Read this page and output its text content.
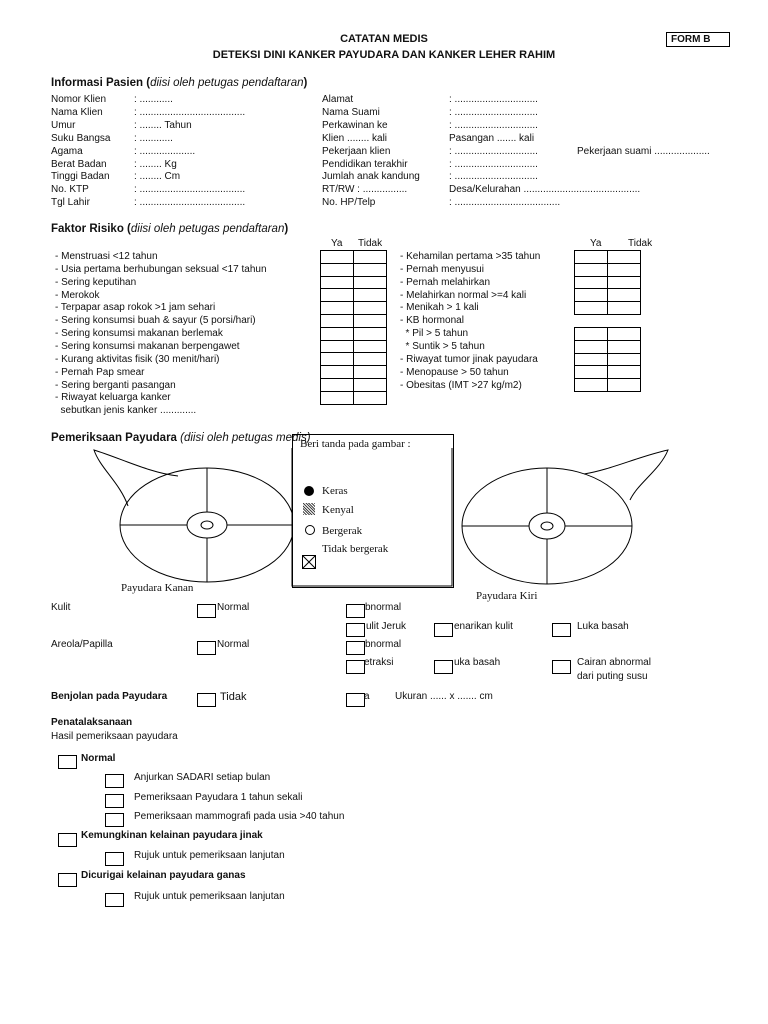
CATATAN MEDIS
DETEKSI DINI KANKER PAYUDARA DAN KANKER LEHER RAHIM
FORM B
Informasi Pasien (diisi oleh petugas pendaftaran)
Nomor Klien	: ............
Nama Klien	: ......................................
Umur	: ........ Tahun
Suku Bangsa : ............
Agama	: ....................
Berat Badan	: ........ Kg
Tinggi Badan : ........ Cm
No. KTP	: ......................................
Tgl Lahir	: ......................................
Alamat	: ..............................
Nama Suami	: ..............................
Perkawinan ke	: ..............................
Klien ........ kali	Pasangan ....... kali
Pekerjaan klien	: ..............................	Pekerjaan suami ....................
Pendidikan terakhir	: ..............................
Jumlah anak kandung	: ..............................
RT/RW : ................	Desa/Kelurahan ..........................................
No. HP/Telp	: ......................................
Faktor Risiko (diisi oleh petugas pendaftaran)
Ya Tidak	Ya	Tidak
- Menstruasi <12 tahun
- Usia pertama berhubungan seksual <17 tahun
- Sering keputihan
- Merokok
- Terpapar asap rokok >1 jam sehari
- Sering konsumsi buah & sayur (5 porsi/hari)
- Sering konsumsi makanan berlemak
- Sering konsumsi makanan berpengawet
- Kurang aktivitas fisik (30 menit/hari)
- Pernah Pap smear
- Sering berganti pasangan
- Riwayat keluarga kanker
sebutkan jenis kanker .............
- Kehamilan pertama >35 tahun
- Pernah menyusui
- Pernah melahirkan
- Melahirkan normal >=4 kali
- Menikah > 1 kali
- KB hormonal
* Pil > 5 tahun
* Suntik > 5 tahun
- Riwayat tumor jinak payudara
- Menopause > 50 tahun
- Obesitas (IMT >27 kg/m2)

Pemeriksaan Payudara (diisi oleh petugas medis)
Beri tanda pada gambar :
Keras
Kenyal
Bergerak
Tidak bergerak
Payudara Kanan
Payudara Kiri
Kulit	Normal	bnormal
ulit Jeruk	enarikan kulit	Luka basah
Areola/Papilla	Normal	bnormal
etraksi	uka basah	Cairan abnormal
dari puting susu
Benjolan pada Payudara	Tidak	a	Ukuran ...... x ....... cm
Penatalaksanaan
Hasil pemeriksaan payudara
Normal
Anjurkan SADARI setiap bulan
Pemeriksaan Payudara 1 tahun sekali
Pemeriksaan mammografi pada usia >40 tahun
Kemungkinan kelainan payudara jinak
Rujuk untuk pemeriksaan lanjutan
Dicurigai kelainan payudara ganas
Rujuk untuk pemeriksaan lanjutan
